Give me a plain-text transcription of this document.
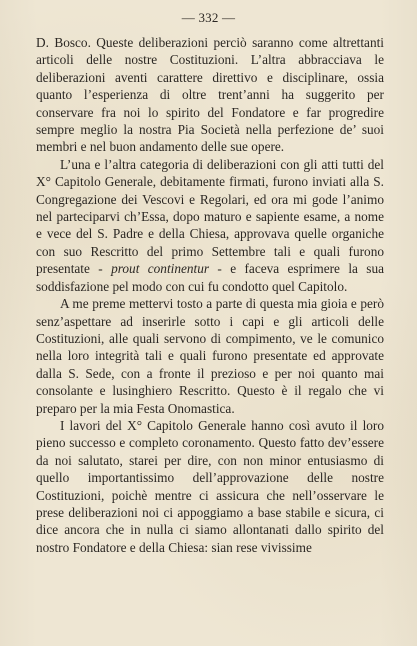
— 332 —

D. Bosco. Queste deliberazioni perciò saranno come altrettanti articoli delle nostre Costituzioni. L’altra abbracciava le deliberazioni aventi carattere direttivo e disciplinare, ossia quanto l’esperienza di oltre trent’anni ha suggerito per conservare fra noi lo spirito del Fondatore e far progredire sempre meglio la nostra Pia Società nella perfezione de’ suoi membri e nel buon andamento delle sue opere.

L’una e l’altra categoria di deliberazioni con gli atti tutti del X° Capitolo Generale, debitamente firmati, furono inviati alla S. Congregazione dei Vescovi e Regolari, ed ora mi gode l’animo nel parteciparvi ch’Essa, dopo maturo e sapiente esame, a nome e vece del S. Padre e della Chiesa, approvava quelle organiche con suo Rescritto del primo Settembre tali e quali furono presentate - prout continentur - e faceva esprimere la sua soddisfazione pel modo con cui fu condotto quel Capitolo.

A me preme mettervi tosto a parte di questa mia gioia e però senz’aspettare ad inserirle sotto i capi e gli articoli delle Costituzioni, alle quali servono di compimento, ve le comunico nella loro integrità tali e quali furono presentate ed approvate dalla S. Sede, con a fronte il prezioso e per noi quanto mai consolante e lusinghiero Rescritto. Questo è il regalo che vi preparo per la mia Festa Onomastica.

I lavori del X° Capitolo Generale hanno così avuto il loro pieno successo e completo coronamento. Questo fatto dev’essere da noi salutato, starei per dire, con non minor entusiasmo di quello importantissimo dell’approvazione delle nostre Costituzioni, poichè mentre ci assicura che nell’osservare le prese deliberazioni noi ci appoggiamo a base stabile e sicura, ci dice ancora che in nulla ci siamo allontanati dallo spirito del nostro Fondatore e della Chiesa: sian rese vivissime
